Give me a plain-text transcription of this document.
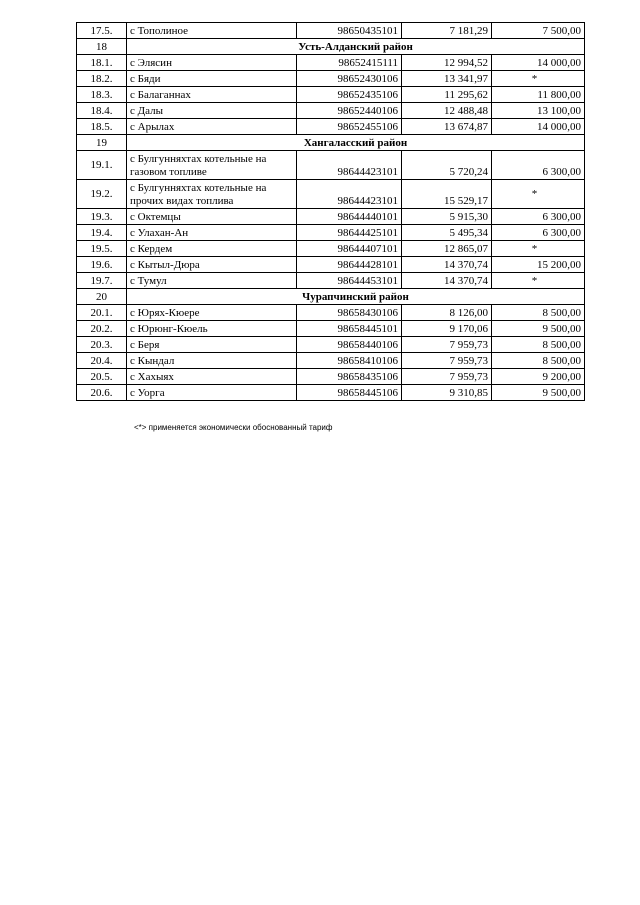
17.5.	с Тополиное	98650435101	7 181,29	7 500,00
18	Усть-Алданский район			
18.1.	с Элясин	98652415111	12 994,52	14 000,00
18.2.	с Бяди	98652430106	13 341,97	*
18.3.	с Балаганнах	98652435106	11 295,62	11 800,00
18.4.	с Далы	98652440106	12 488,48	13 100,00
18.5.	с Арылах	98652455106	13 674,87	14 000,00
19	Хангаласский район			
19.1.	с Булгунняхтах котельные на газовом топливе	98644423101	5 720,24	6 300,00
19.2.	с Булгунняхтах котельные на прочих видах топлива	98644423101	15 529,17	*
19.3.	с Октемцы	98644440101	5 915,30	6 300,00
19.4.	с Улахан-Ан	98644425101	5 495,34	6 300,00
19.5.	с Кердем	98644407101	12 865,07	*
19.6.	с Кытыл-Дюра	98644428101	14 370,74	15 200,00
19.7.	с Тумул	98644453101	14 370,74	*
20	Чурапчинский район			
20.1.	с Юрях-Кюере	98658430106	8 126,00	8 500,00
20.2.	с Юрюнг-Кюель	98658445101	9 170,06	9 500,00
20.3.	с Беря	98658440106	7 959,73	8 500,00
20.4.	с Кындал	98658410106	7 959,73	8 500,00
20.5.	с Хахыях	98658435106	7 959,73	9 200,00
20.6.	с Уорга	98658445106	9 310,85	9 500,00
<*> применяется экономически обоснованный тариф
